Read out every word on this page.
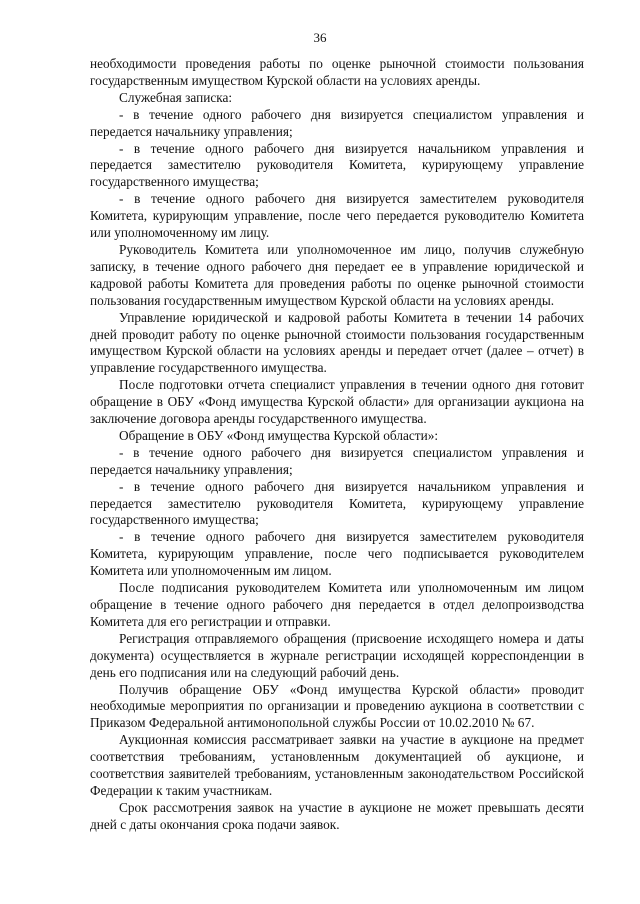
36

необходимости проведения работы по оценке рыночной стоимости пользования государственным имуществом Курской области на условиях аренды.

Служебная записка:

- в течение одного рабочего дня визируется специалистом управления и передается начальнику управления;

- в течение одного рабочего дня визируется начальником управления и передается заместителю руководителя Комитета, курирующему управление государственного имущества;

- в течение одного рабочего дня визируется заместителем руководителя Комитета, курирующим управление, после чего передается руководителю Комитета или уполномоченному им лицу.

Руководитель Комитета или уполномоченное им лицо, получив служебную записку, в течение одного рабочего дня передает ее в управление юридической и кадровой работы Комитета для проведения работы по оценке рыночной стоимости пользования государственным имуществом Курской области на условиях аренды.

Управление юридической и кадровой работы Комитета в течении 14 рабочих дней проводит работу по оценке рыночной стоимости пользования государственным имуществом Курской области на условиях аренды и передает отчет (далее – отчет) в управление государственного имущества.

После подготовки отчета специалист управления в течении одного дня готовит обращение в ОБУ «Фонд имущества Курской области» для организации аукциона на заключение договора аренды государственного имущества.

Обращение в ОБУ «Фонд имущества Курской области»:

- в течение одного рабочего дня визируется специалистом управления и передается начальнику управления;

- в течение одного рабочего дня визируется начальником управления и передается заместителю руководителя Комитета, курирующему управление государственного имущества;

- в течение одного рабочего дня визируется заместителем руководителя Комитета, курирующим управление, после чего подписывается руководителем Комитета или уполномоченным им лицом.

После подписания руководителем Комитета или уполномоченным им лицом обращение в течение одного рабочего дня передается в отдел делопроизводства Комитета для его регистрации и отправки.

Регистрация отправляемого обращения (присвоение исходящего номера и даты документа) осуществляется в журнале регистрации исходящей корреспонденции в день его подписания или на следующий рабочий день.

Получив обращение ОБУ «Фонд имущества Курской области» проводит необходимые мероприятия по организации и проведению аукциона в соответствии с Приказом Федеральной антимонопольной службы России от 10.02.2010 № 67.

Аукционная комиссия рассматривает заявки на участие в аукционе на предмет соответствия требованиям, установленным документацией об аукционе, и соответствия заявителей требованиям, установленным законодательством Российской Федерации к таким участникам.

Срок рассмотрения заявок на участие в аукционе не может превышать десяти дней с даты окончания срока подачи заявок.
